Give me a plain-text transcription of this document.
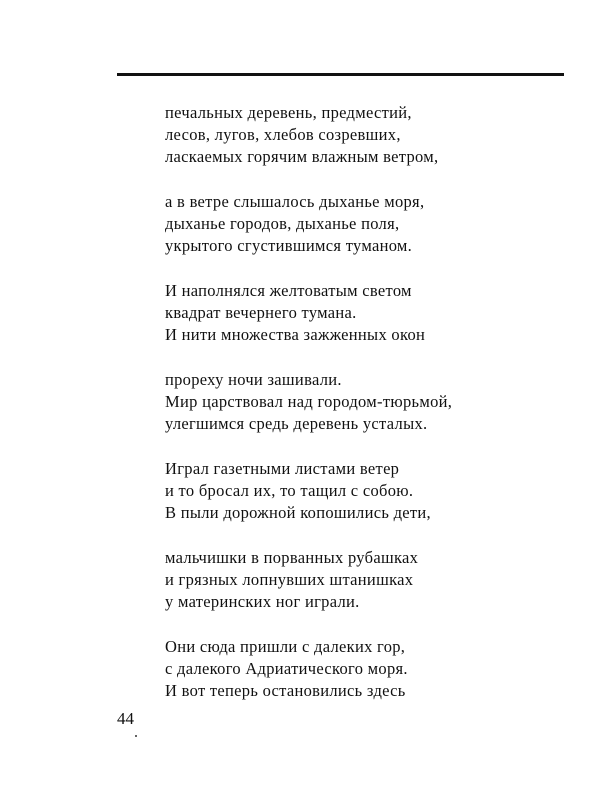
печальных деревень, предместий,
лесов, лугов, хлебов созревших,
ласкаемых горячим влажным ветром,
а в ветре слышалось дыханье моря,
дыханье городов, дыханье поля,
укрытого сгустившимся туманом.
И наполнялся желтоватым светом
квадрат вечернего тумана.
И нити множества зажженных окон
прореху ночи зашивали.
Мир царствовал над городом-тюрьмой,
улегшимся средь деревень усталых.
Играл газетными листами ветер
и то бросал их, то тащил с собою.
В пыли дорожной копошились дети,
мальчишки в порванных рубашках
и грязных лопнувших штанишках
у материнских ног играли.
Они сюда пришли с далеких гор,
с далекого Адриатического моря.
И вот теперь остановились здесь
44
